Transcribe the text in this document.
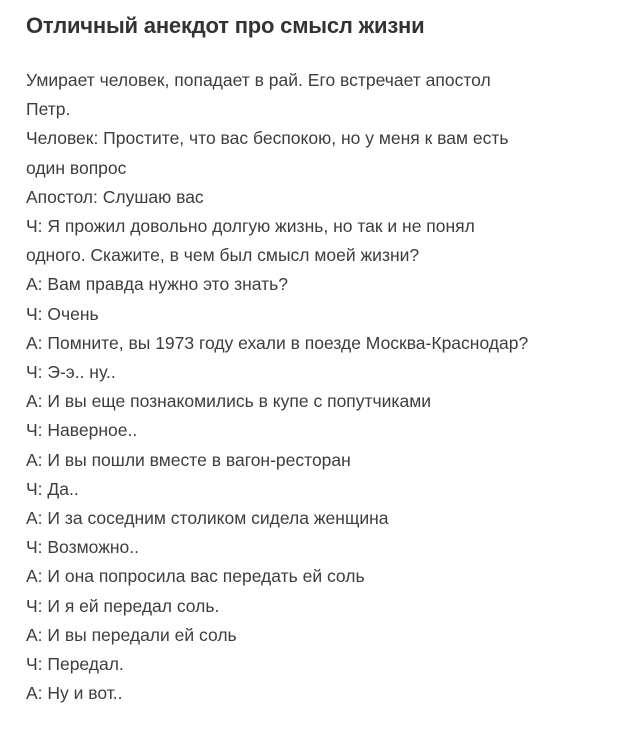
Отличный анекдот про смысл жизни
Умирает человек, попадает в рай. Его встречает апостол
Петр.
Человек: Простите, что вас беспокою, но у меня к вам есть
один вопрос
Апостол: Слушаю вас
Ч: Я прожил довольно долгую жизнь, но так и не понял
одного. Скажите, в чем был смысл моей жизни?
А: Вам правда нужно это знать?
Ч: Очень
А: Помните, вы 1973 году ехали в поезде Москва-Краснодар?
Ч: Э-э.. ну..
А: И вы еще познакомились в купе с попутчиками
Ч: Наверное..
А: И вы пошли вместе в вагон-ресторан
Ч: Да..
А: И за соседним столиком сидела женщина
Ч: Возможно..
А: И она попросила вас передать ей соль
Ч: И я ей передал соль.
А: И вы передали ей соль
Ч: Передал.
А: Ну и вот..
